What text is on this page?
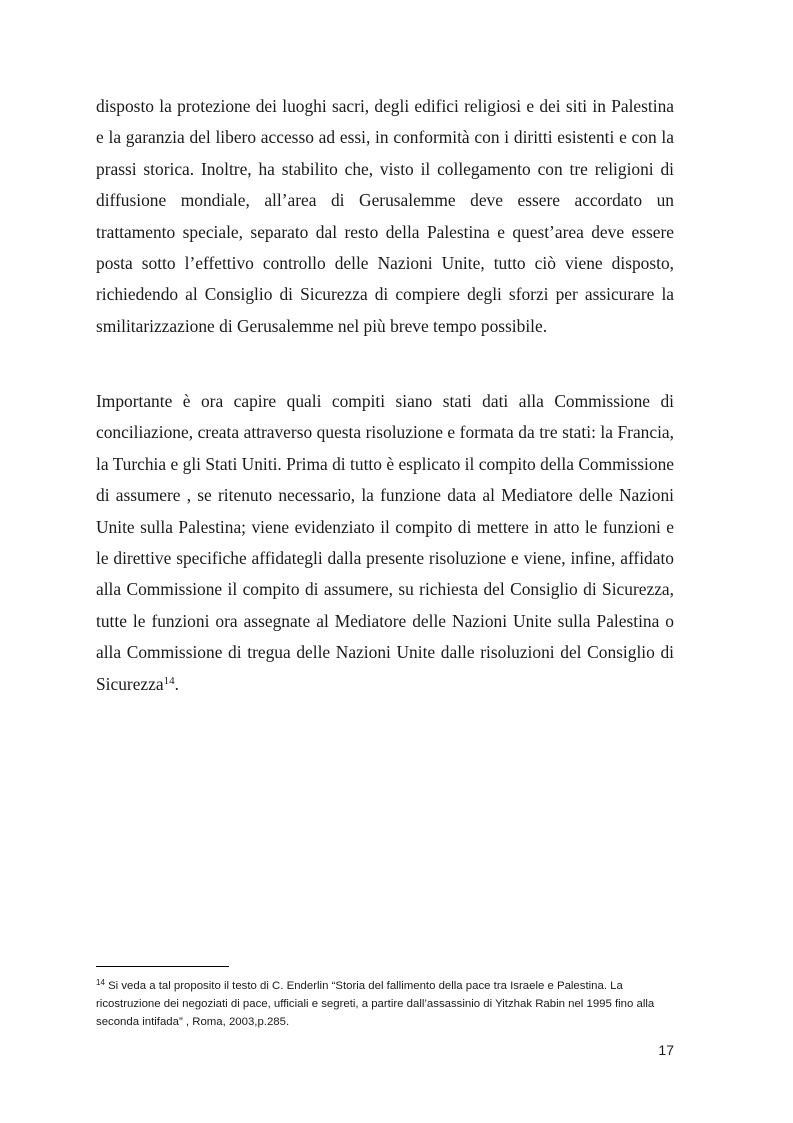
disposto la protezione dei luoghi sacri, degli edifici religiosi e dei siti in Palestina e la garanzia del libero accesso ad essi, in conformità con i diritti esistenti e con la prassi storica. Inoltre, ha stabilito che, visto il collegamento con tre religioni di diffusione mondiale, all’area di Gerusalemme deve essere accordato un trattamento speciale, separato dal resto della Palestina e quest’area deve essere posta sotto l’effettivo controllo delle Nazioni Unite, tutto ciò viene disposto, richiedendo al Consiglio di Sicurezza di compiere degli sforzi per assicurare la smilitarizzazione di Gerusalemme nel più breve tempo possibile.

Importante è ora capire quali compiti siano stati dati alla Commissione di conciliazione, creata attraverso questa risoluzione e formata da tre stati: la Francia, la Turchia e gli Stati Uniti. Prima di tutto è esplicato il compito della Commissione di assumere , se ritenuto necessario, la funzione data al Mediatore delle Nazioni Unite sulla Palestina; viene evidenziato il compito di mettere in atto le funzioni e le direttive specifiche affidategli dalla presente risoluzione e viene, infine, affidato alla Commissione il compito di assumere, su richiesta del Consiglio di Sicurezza, tutte le funzioni ora assegnate al Mediatore delle Nazioni Unite sulla Palestina o alla Commissione di tregua delle Nazioni Unite dalle risoluzioni del Consiglio di Sicurezza$^{14}$.

$^{14}$ Si veda a tal proposito il testo di C. Enderlin “Storia del fallimento della pace tra Israele e Palestina. La ricostruzione dei negoziati di pace, ufficiali e segreti, a partire dall’assassinio di Yitzhak Rabin nel 1995 fino alla seconda intifada” , Roma, 2003,p.285.

17
